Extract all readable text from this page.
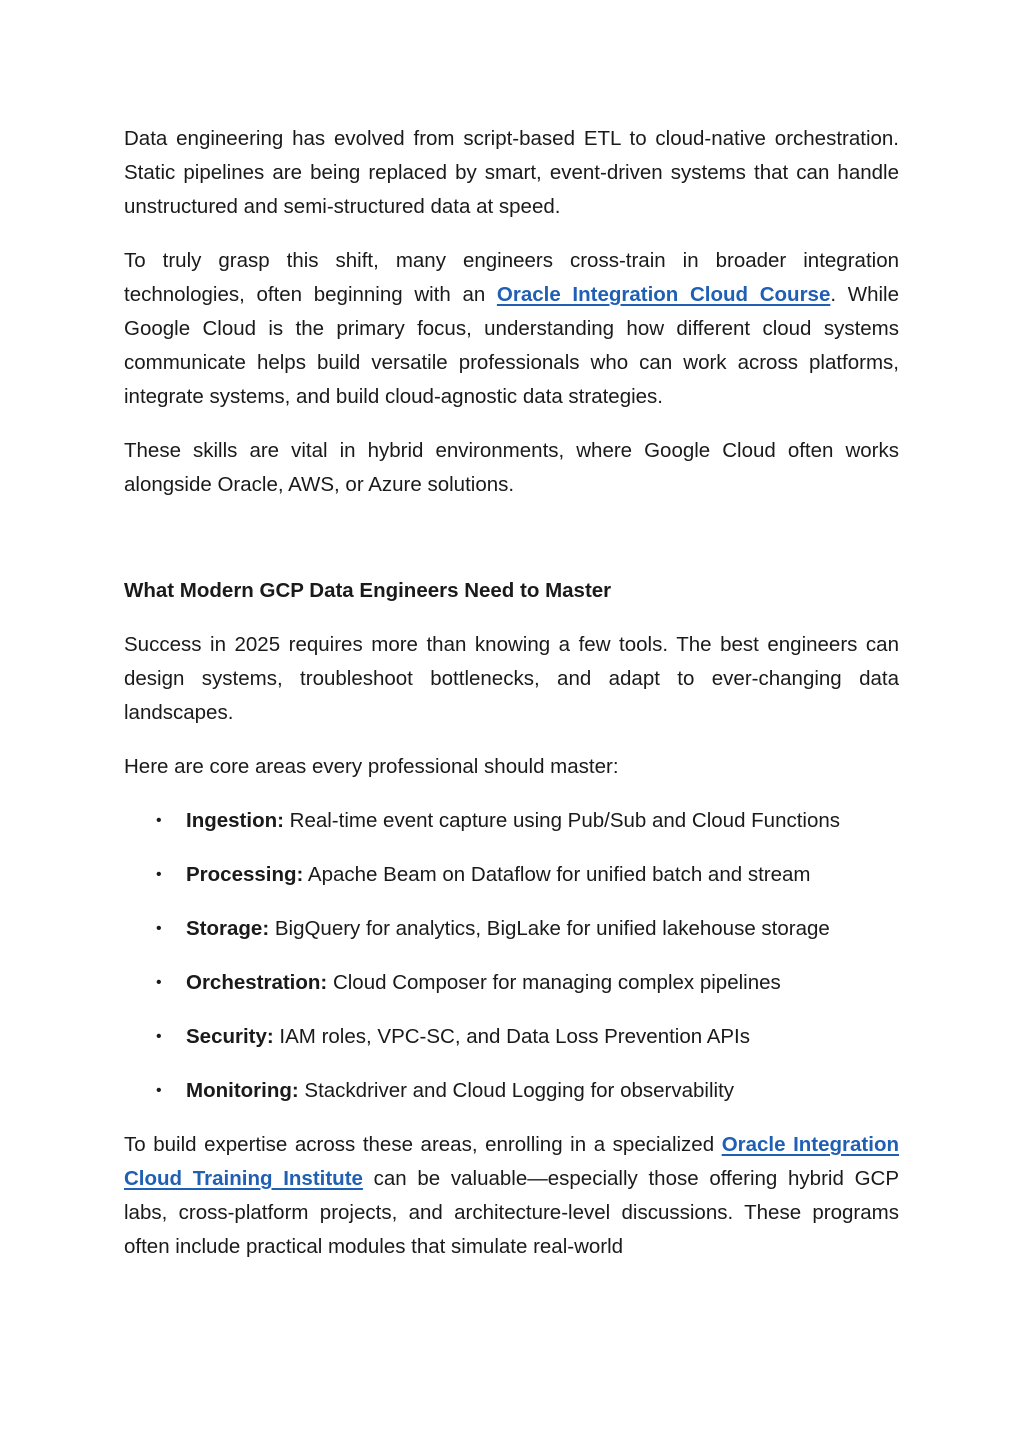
Data engineering has evolved from script-based ETL to cloud-native orchestration. Static pipelines are being replaced by smart, event-driven systems that can handle unstructured and semi-structured data at speed.

To truly grasp this shift, many engineers cross-train in broader integration technologies, often beginning with an Oracle Integration Cloud Course. While Google Cloud is the primary focus, understanding how different cloud systems communicate helps build versatile professionals who can work across platforms, integrate systems, and build cloud-agnostic data strategies.

These skills are vital in hybrid environments, where Google Cloud often works alongside Oracle, AWS, or Azure solutions.

What Modern GCP Data Engineers Need to Master

Success in 2025 requires more than knowing a few tools. The best engineers can design systems, troubleshoot bottlenecks, and adapt to ever-changing data landscapes.

Here are core areas every professional should master:

• Ingestion: Real-time event capture using Pub/Sub and Cloud Functions
• Processing: Apache Beam on Dataflow for unified batch and stream
• Storage: BigQuery for analytics, BigLake for unified lakehouse storage
• Orchestration: Cloud Composer for managing complex pipelines
• Security: IAM roles, VPC-SC, and Data Loss Prevention APIs
• Monitoring: Stackdriver and Cloud Logging for observability

To build expertise across these areas, enrolling in a specialized Oracle Integration Cloud Training Institute can be valuable—especially those offering hybrid GCP labs, cross-platform projects, and architecture-level discussions. These programs often include practical modules that simulate real-world
